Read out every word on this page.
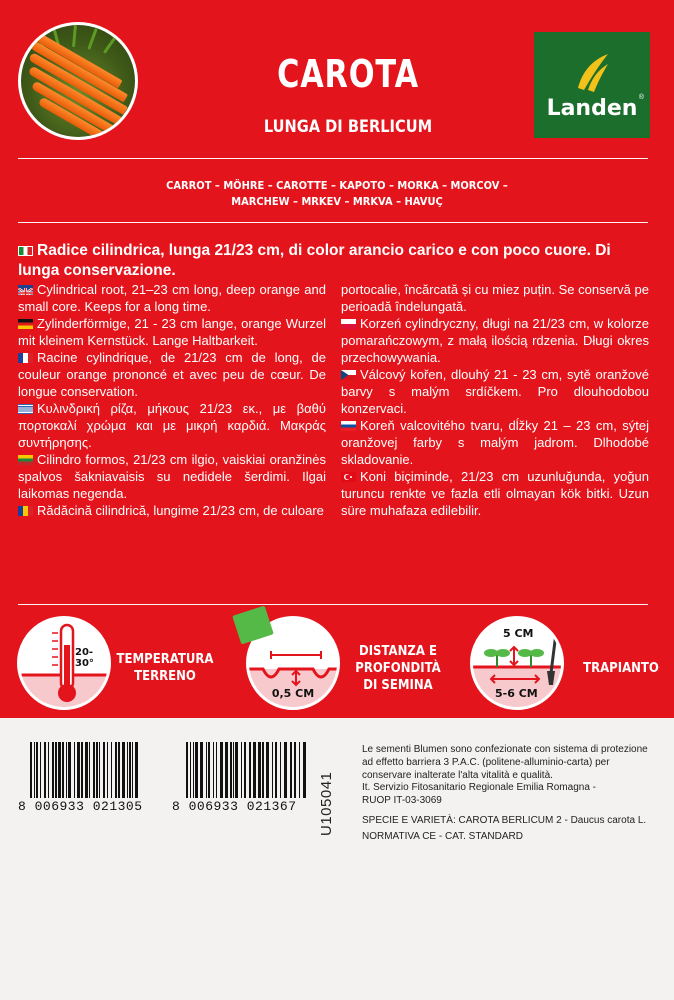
CAROTA
LUNGA DI BERLICUM
Landen ®
CARROT – MÖHRE – CAROTTE – KAPOTO – MORKA – MORCOV –
MARCHEW – MRKEV – MRKVA – HAVUÇ
Radice cilindrica, lunga 21/23 cm, di color arancio carico e con poco cuore. Di lunga conservazione.

Cylindrical root, 21–23 cm long, deep orange and small core. Keeps for a long time.

Zylinderförmige, 21 - 23 cm lange, orange Wurzel mit kleinem Kernstück. Lange Haltbarkeit.

Racine cylindrique, de 21/23 cm de long, de couleur orange prononcé et avec peu de cœur. De longue conservation.

Κυλινδρική ρίζα, μήκους 21/23 εκ., με βαθύ πορτοκαλί χρώμα και με μικρή καρδιά. Μακράς συντήρησης.

Cilindro formos, 21/23 cm ilgio, vaiskiai oranžinės spalvos šakniavaisis su nedidele šerdimi. Ilgai laikomas negenda.

Rădăcină cilindrică, lungime 21/23 cm, de culoare

portocalie, încărcată și cu miez puțin. Se conservă pe perioadă îndelungată.

Korzeń cylindryczny, długi na 21/23 cm, w kolorze pomarańczowym, z małą ilością rdzenia. Długi okres przechowywania.

Válcový kořen, dlouhý 21 - 23 cm, sytě oranžové barvy s malým srdíčkem. Pro dlouhodobou konzervaci.

Koreň valcovitého tvaru, dĺžky 21 – 23 cm, sýtej oranžovej farby s malým jadrom. Dlhodobé skladovanie.

Koni biçiminde, 21/23 cm uzunluğunda, yoğun turuncu renkte ve fazla etli olmayan kök bitki. Uzun süre muhafaza edilebilir.

20-30°	TEMPERATURA
TERRENO
0,5 CM
DISTANZA E
PROFONDITÀ
DI SEMINA
5 CM
5-6 CM
TRAPIANTO
8 006933 021305 8 006933 021367 U105041
Le sementi Blumen sono confezionate con sistema di protezione
ad effetto barriera 3 P.A.C. (politene-alluminio-carta) per
conservare inalterate l'alta vitalità e qualità.
It. Servizio Fitosanitario Regionale Emilia Romagna -
RUOP IT-03-3069
SPECIE E VARIETÀ: CAROTA BERLICUM 2 - Daucus carota L.
NORMATIVA CE - CAT. STANDARD
